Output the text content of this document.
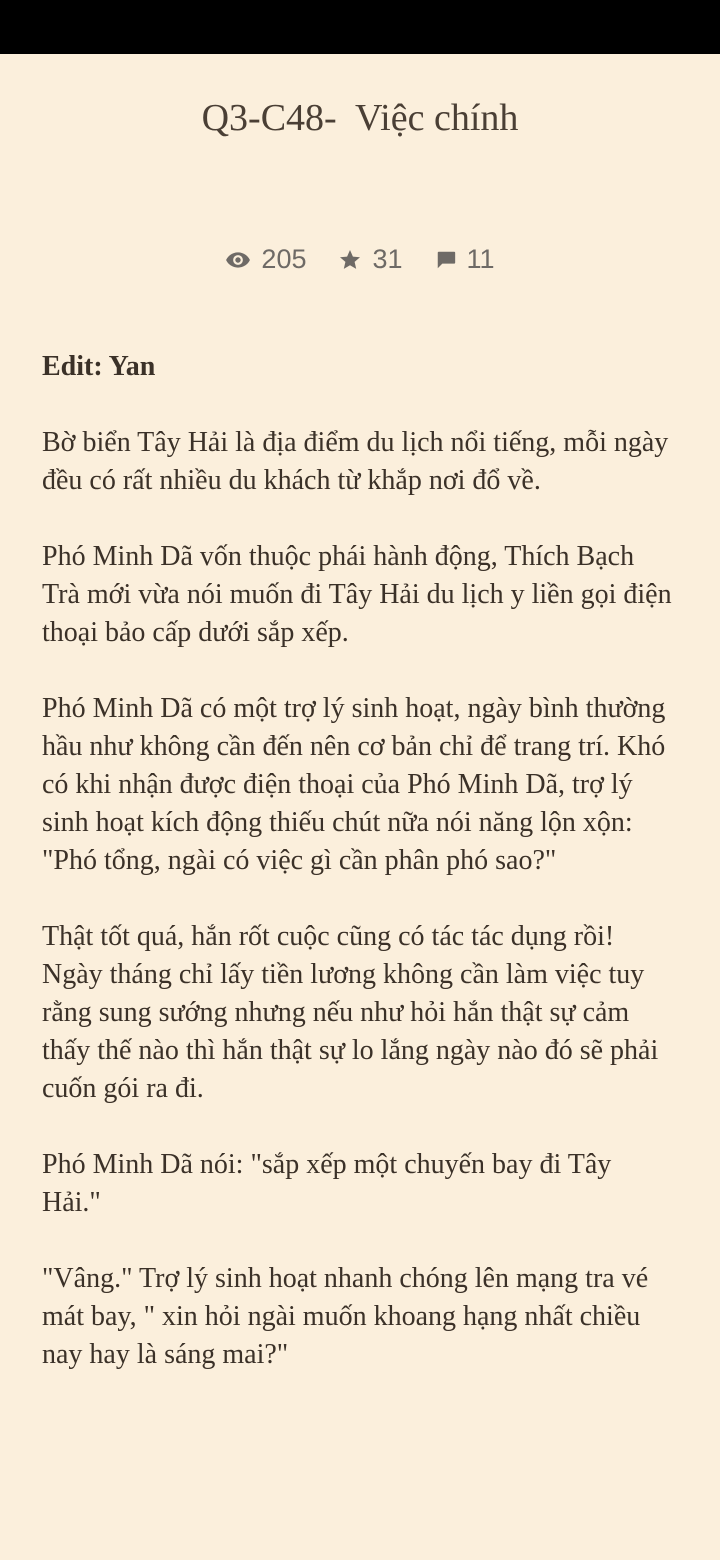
Q3-C48-  Việc chính
205 31 11

Edit: Yan

Bờ biển Tây Hải là địa điểm du lịch nổi tiếng, mỗi ngày đều có rất nhiều du khách từ khắp nơi đổ về.

Phó Minh Dã vốn thuộc phái hành động, Thích Bạch Trà mới vừa nói muốn đi Tây Hải du lịch y liền gọi điện thoại bảo cấp dưới sắp xếp.

Phó Minh Dã có một trợ lý sinh hoạt, ngày bình thường hầu như không cần đến nên cơ bản chỉ để trang trí. Khó có khi nhận được điện thoại của Phó Minh Dã, trợ lý sinh hoạt kích động thiếu chút nữa nói năng lộn xộn: "Phó tổng, ngài có việc gì cần phân phó sao?"

Thật tốt quá, hắn rốt cuộc cũng có tác tác dụng rồi! Ngày tháng chỉ lấy tiền lương không cần làm việc tuy rằng sung sướng nhưng nếu như hỏi hắn thật sự cảm thấy thế nào thì hắn thật sự lo lắng ngày nào đó sẽ phải cuốn gói ra đi.

Phó Minh Dã nói: "sắp xếp một chuyến bay đi Tây Hải."

"Vâng." Trợ lý sinh hoạt nhanh chóng lên mạng tra vé mát bay, " xin hỏi ngài muốn khoang hạng nhất chiều nay hay là sáng mai?"
